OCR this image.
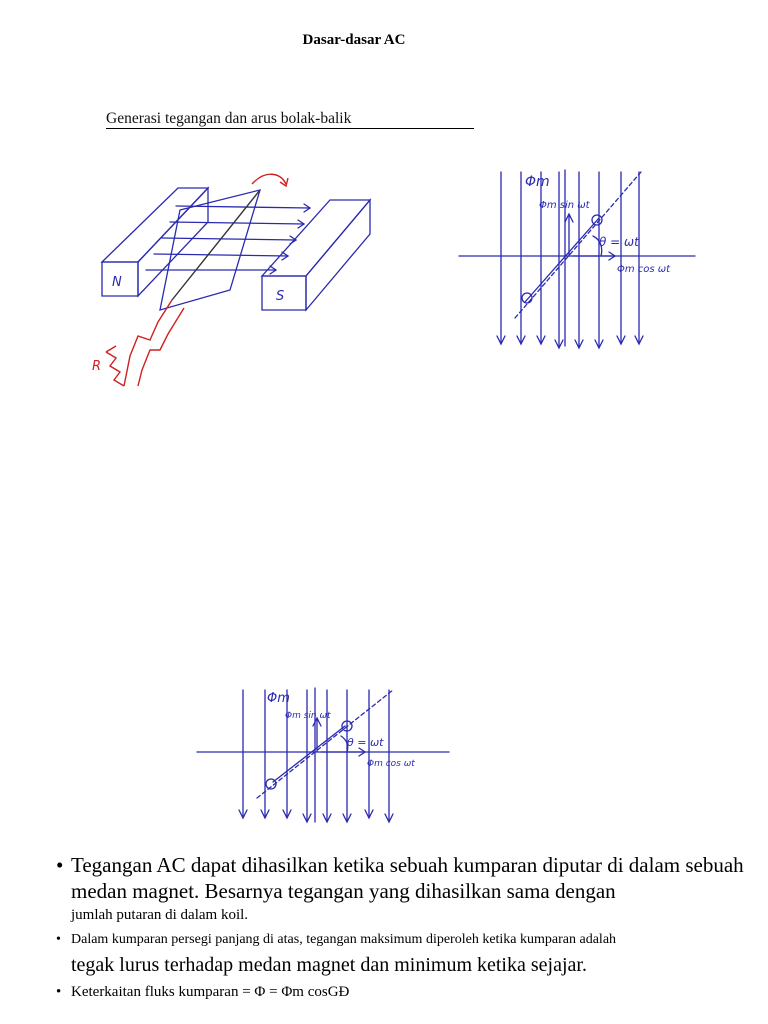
Dasar-dasar AC
Generasi tegangan dan arus bolak-balik
N
S
R
Φm
Φm sin ωt
θ = ωt
Φm cos ωt
Φm
Φm sin ωt
θ = ωt
Φm cos ωt
• Tegangan AC dapat dihasilkan ketika sebuah kumparan diputar di dalam sebuah
medan magnet. Besarnya tegangan yang dihasilkan sama dengan
jumlah putaran di dalam koil.
• Dalam kumparan persegi panjang di atas, tegangan maksimum diperoleh ketika kumparan adalah
tegak lurus terhadap medan magnet dan minimum ketika sejajar.
• Keterkaitan fluks kumparan = Φ = Φm cosGĐ
